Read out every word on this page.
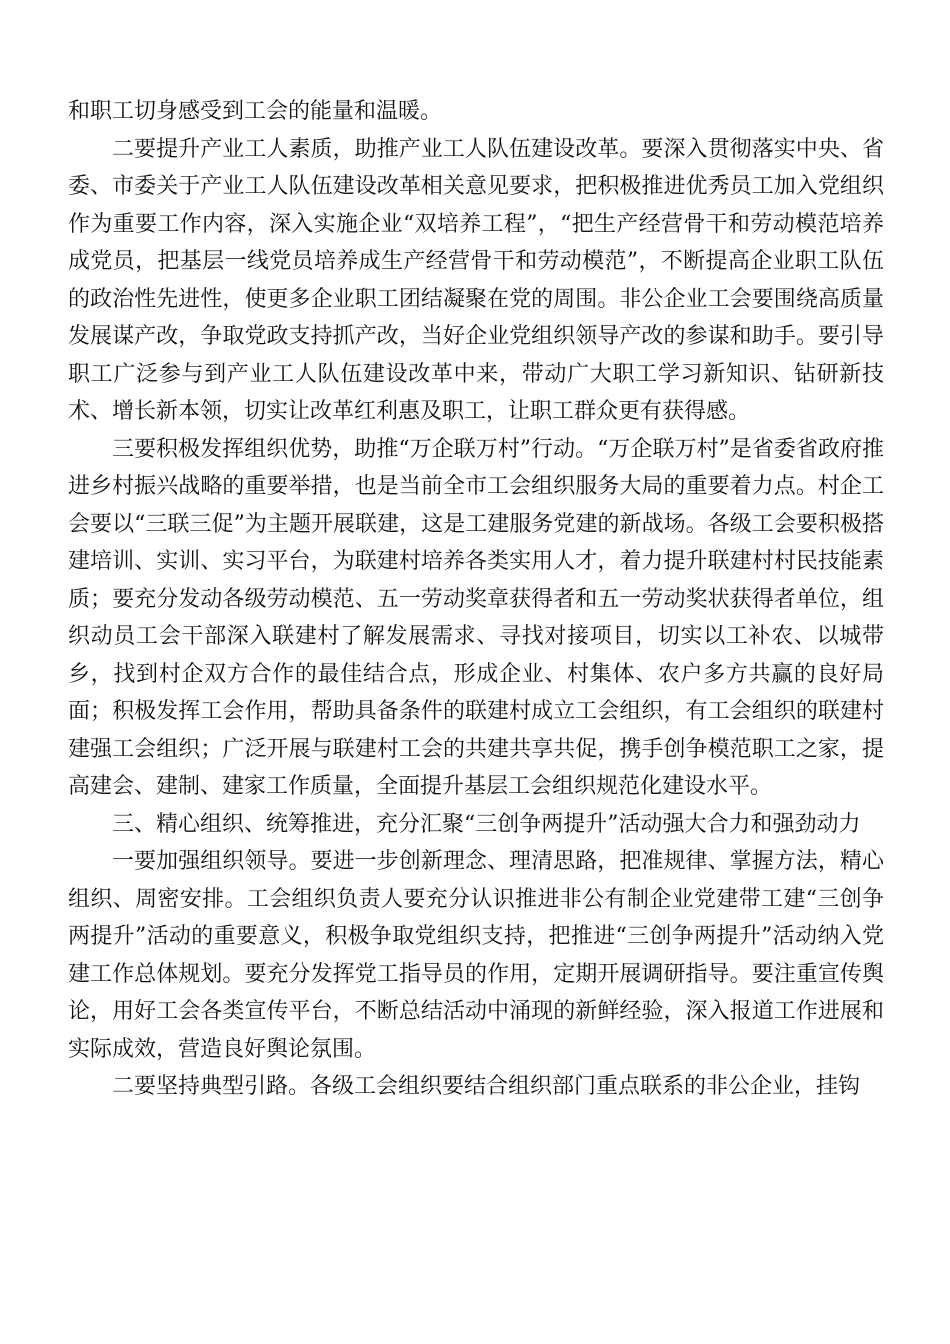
和职工切身感受到工会的能量和温暖。

二要提升产业工人素质，助推产业工人队伍建设改革。要深入贯彻落实中央、省委、市委关于产业工人队伍建设改革相关意见要求，把积极推进优秀员工加入党组织作为重要工作内容，深入实施企业“双培养工程”，“把生产经营骨干和劳动模范培养成党员，把基层一线党员培养成生产经营骨干和劳动模范”，不断提高企业职工队伍的政治性先进性，使更多企业职工团结凝聚在党的周围。非公企业工会要围绕高质量发展谋产改，争取党政支持抓产改，当好企业党组织领导产改的参谋和助手。要引导职工广泛参与到产业工人队伍建设改革中来，带动广大职工学习新知识、钻研新技术、增长新本领，切实让改革红利惠及职工，让职工群众更有获得感。

三要积极发挥组织优势，助推“万企联万村”行动。“万企联万村”是省委省政府推进乡村振兴战略的重要举措，也是当前全市工会组织服务大局的重要着力点。村企工会要以“三联三促”为主题开展联建，这是工建服务党建的新战场。各级工会要积极搭建培训、实训、实习平台，为联建村培养各类实用人才，着力提升联建村村民技能素质；要充分发动各级劳动模范、五一劳动奖章获得者和五一劳动奖状获得者单位，组织动员工会干部深入联建村了解发展需求、寻找对接项目，切实以工补农、以城带乡，找到村企双方合作的最佳结合点，形成企业、村集体、农户多方共赢的良好局面；积极发挥工会作用，帮助具备条件的联建村成立工会组织，有工会组织的联建村建强工会组织；广泛开展与联建村工会的共建共享共促，携手创争模范职工之家，提高建会、建制、建家工作质量，全面提升基层工会组织规范化建设水平。

三、精心组织、统筹推进，充分汇聚“三创争两提升”活动强大合力和强劲动力

一要加强组织领导。要进一步创新理念、理清思路，把准规律、掌握方法，精心组织、周密安排。工会组织负责人要充分认识推进非公有制企业党建带工建“三创争两提升”活动的重要意义，积极争取党组织支持，把推进“三创争两提升”活动纳入党建工作总体规划。要充分发挥党工指导员的作用，定期开展调研指导。要注重宣传舆论，用好工会各类宣传平台，不断总结活动中涌现的新鲜经验，深入报道工作进展和实际成效，营造良好舆论氛围。

二要坚持典型引路。各级工会组织要结合组织部门重点联系的非公企业，挂钩
